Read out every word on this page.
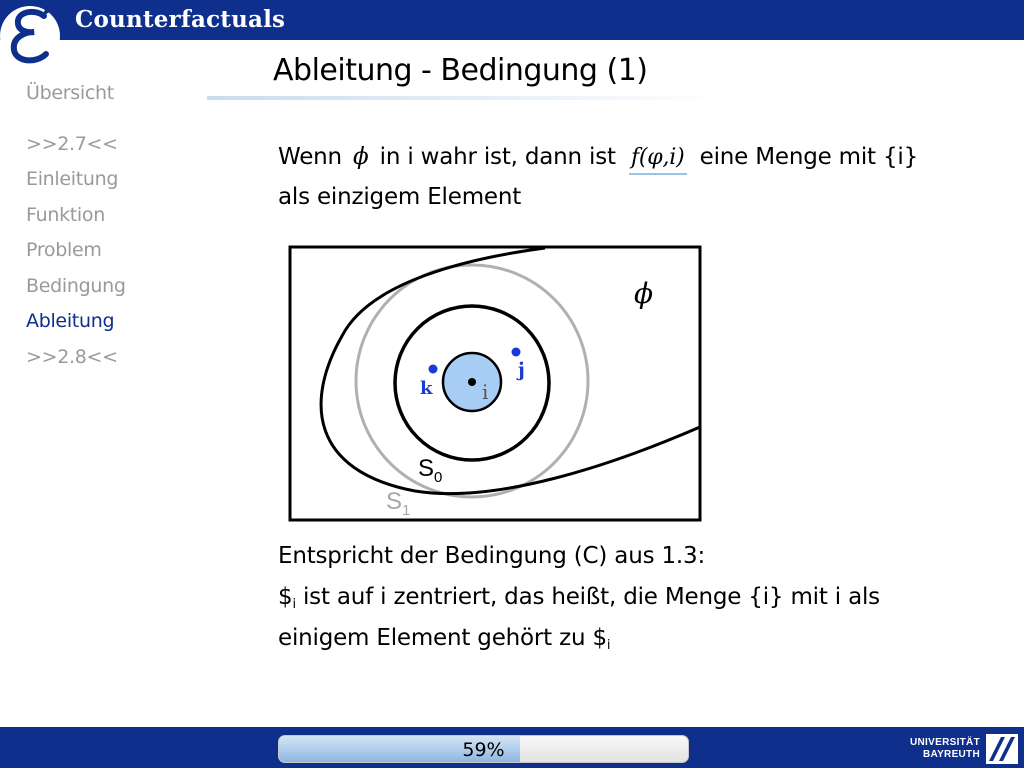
Counterfactuals
Übersicht
>>2.7<<
Einleitung
Funktion
Problem
Bedingung
Ableitung
>>2.8<<
Ableitung - Bedingung (1)
Wenn ϕ in i wahr ist, dann ist f(φ,i) eine Menge mit {i}
als einzigem Element
i
j
k
ϕ
$S_0$
$S_1$
Entspricht der Bedingung (C) aus 1.3:
$\$_i$ ist auf i zentriert, das heißt, die Menge {i} mit i als
einigem Element gehört zu $\$_i$
59%	UNIVERSITÄT
BAYREUTH
